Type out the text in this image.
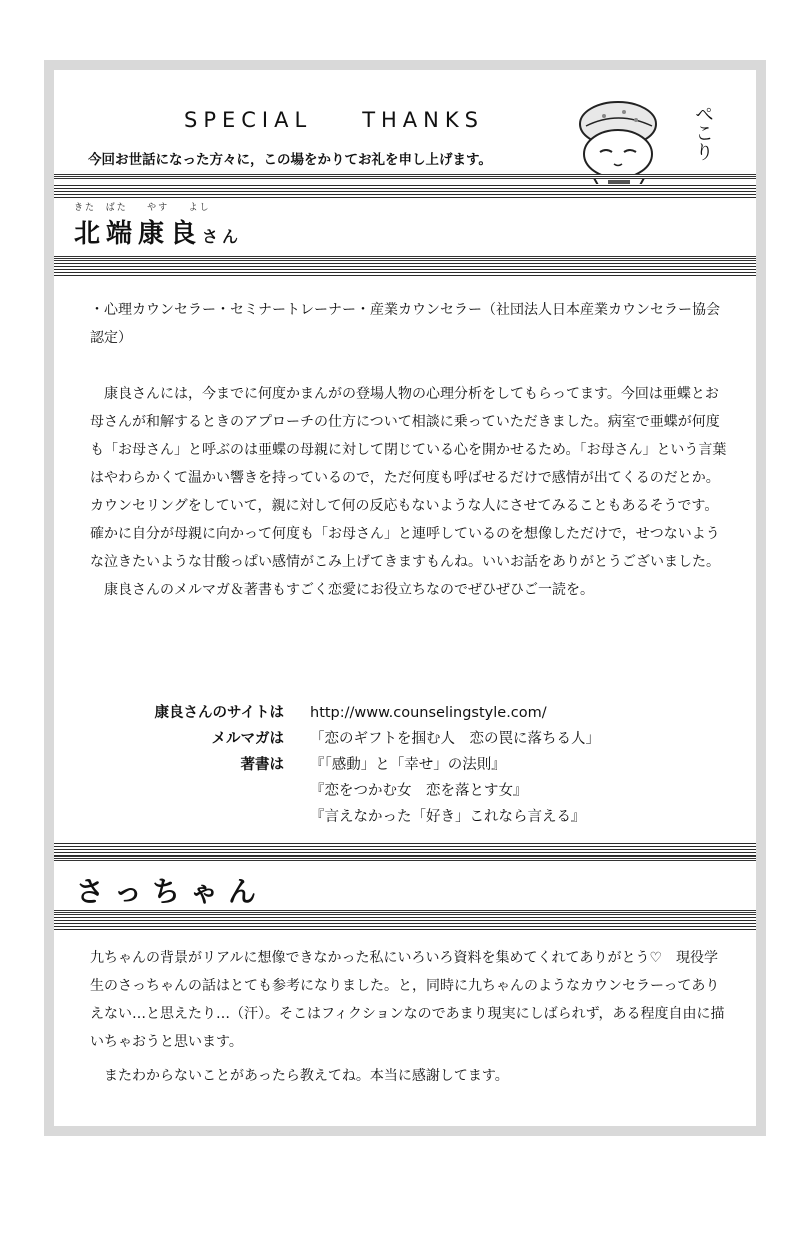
SPECIAL THANKS
今回お世話になった方々に，この場をかりてお礼を申し上げます。	ぺこり
きた  ばた    やす    よし
北端康良さん

・心理カウンセラー・セミナートレーナー・産業カウンセラー（社団法人日本産業カウンセラー協会認定）

康良さんには，今までに何度かまんがの登場人物の心理分析をしてもらってます。今回は亜蝶とお母さんが和解するときのアプローチの仕方について相談に乗っていただきました。病室で亜蝶が何度も「お母さん」と呼ぶのは亜蝶の母親に対して閉じている心を開かせるため。「お母さん」という言葉はやわらかくて温かい響きを持っているので，ただ何度も呼ばせるだけで感情が出てくるのだとか。カウンセリングをしていて，親に対して何の反応もないような人にさせてみることもあるそうです。確かに自分が母親に向かって何度も「お母さん」と連呼しているのを想像しただけで，せつないような泣きたいような甘酸っぱい感情がこみ上げてきますもんね。いいお話をありがとうございました。

康良さんのメルマガ＆著書もすごく恋愛にお役立ちなのでぜひぜひご一読を。

康良さんのサイトは	http://www.counselingstyle.com/
メルマガは	「恋のギフトを掴む人　恋の罠に落ちる人」
著書は	『「感動」と「幸せ」の法則』
『恋をつかむ女　恋を落とす女』
『言えなかった「好き」これなら言える』
さっちゃん

九ちゃんの背景がリアルに想像できなかった私にいろいろ資料を集めてくれてありがとう♡　現役学生のさっちゃんの話はとても参考になりました。と，同時に九ちゃんのようなカウンセラーってありえない…と思えたり…（汗）。そこはフィクションなのであまり現実にしばられず，ある程度自由に描いちゃおうと思います。

またわからないことがあったら教えてね。本当に感謝してます。
